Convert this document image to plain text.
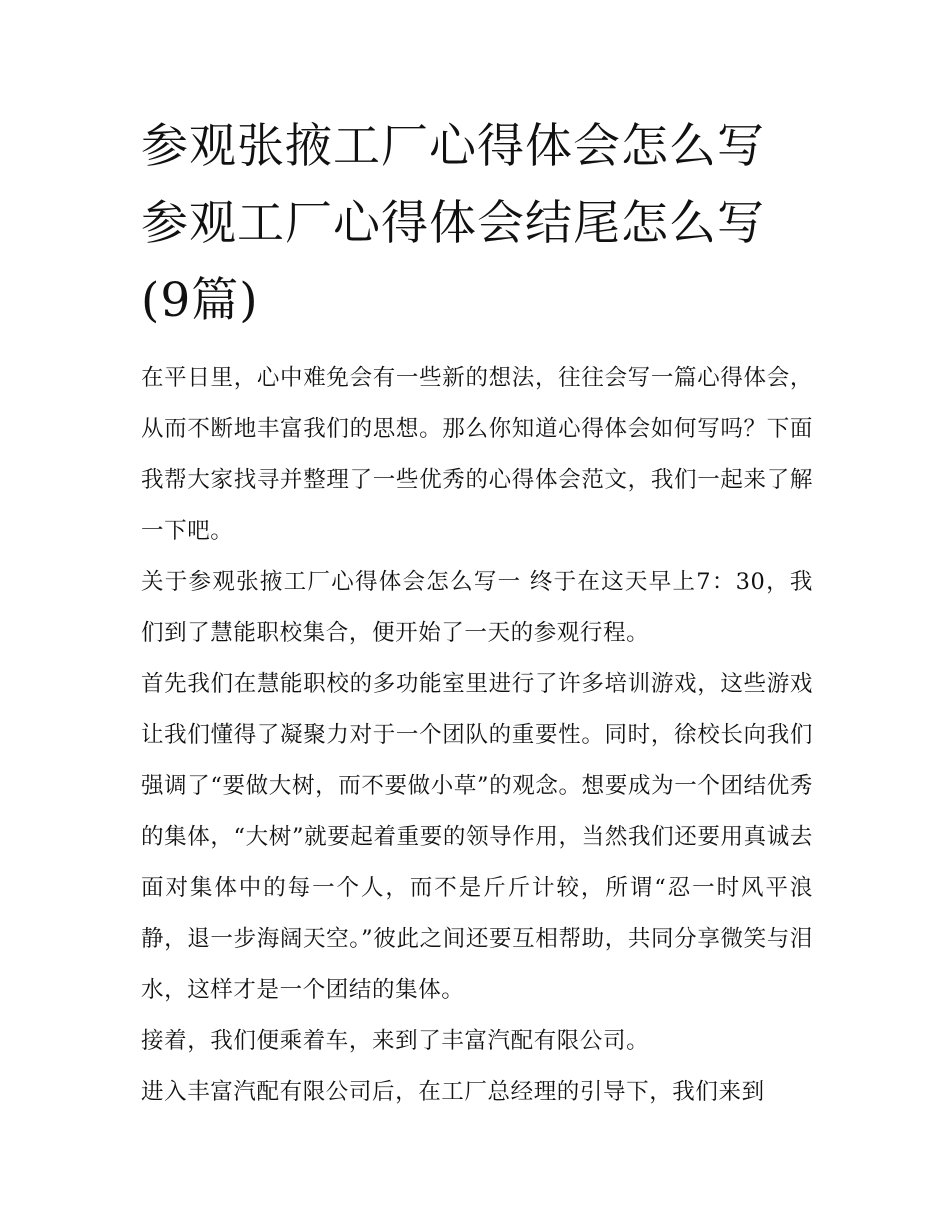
参观张掖工厂心得体会怎么写
参观工厂心得体会结尾怎么写
(9篇)

在平日里，心中难免会有一些新的想法，往往会写一篇心得体会，从而不断地丰富我们的思想。那么你知道心得体会如何写吗？下面我帮大家找寻并整理了一些优秀的心得体会范文，我们一起来了解一下吧。

关于参观张掖工厂心得体会怎么写一 终于在这天早上7：30，我们到了慧能职校集合，便开始了一天的参观行程。

首先我们在慧能职校的多功能室里进行了许多培训游戏，这些游戏让我们懂得了凝聚力对于一个团队的重要性。同时，徐校长向我们强调了“要做大树，而不要做小草”的观念。想要成为一个团结优秀的集体，“大树”就要起着重要的领导作用，当然我们还要用真诚去面对集体中的每一个人，而不是斤斤计较，所谓“忍一时风平浪静，退一步海阔天空。”彼此之间还要互相帮助，共同分享微笑与泪水，这样才是一个团结的集体。

接着，我们便乘着车，来到了丰富汽配有限公司。

进入丰富汽配有限公司后，在工厂总经理的引导下，我们来到
